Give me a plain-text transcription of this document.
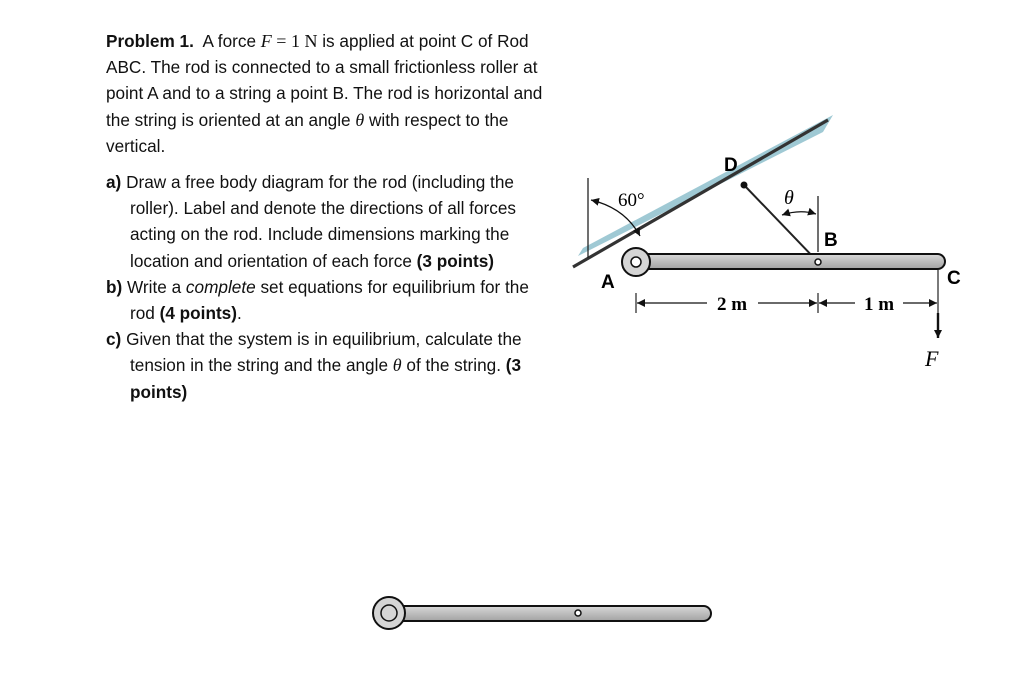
Problem 1. A force F = 1 N is applied at point C of Rod ABC. The rod is connected to a small frictionless roller at point A and to a string a point B. The rod is horizontal and the string is oriented at an angle θ with respect to the vertical.

a) Draw a free body diagram for the rod (including the roller). Label and denote the directions of all forces acting on the rod. Include dimensions marking the location and orientation of each force (3 points)
b) Write a complete set equations for equilibrium for the rod (4 points).
c) Given that the system is in equilibrium, calculate the tension in the string and the angle θ of the string. (3 points)
60°
D
θ
B
A	C
2 m	1 m
F
